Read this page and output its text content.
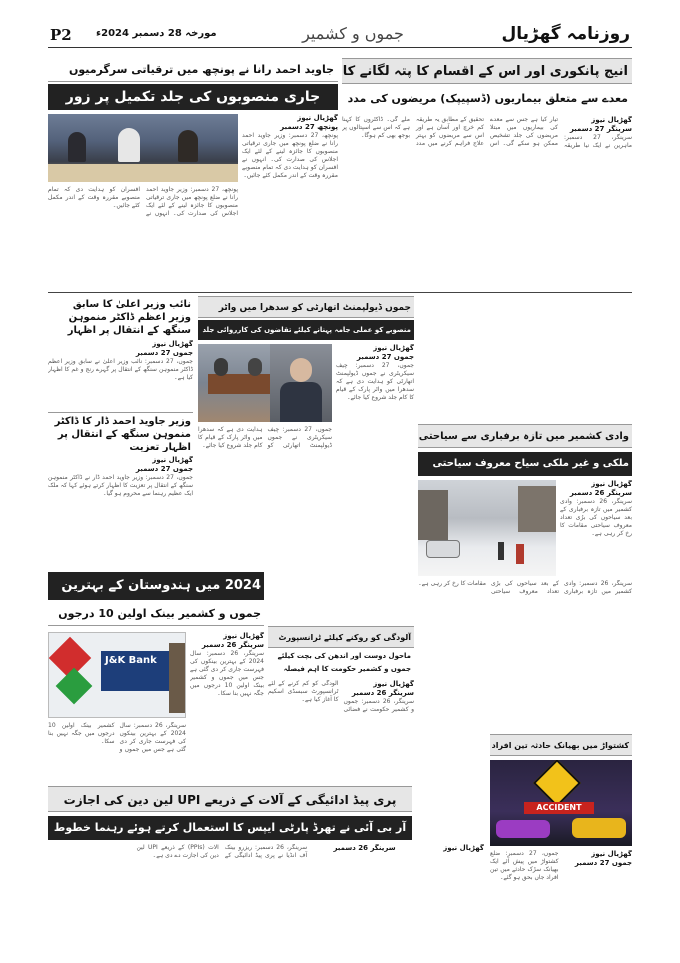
P2 مورخہ 28 دسمبر 2024ء	جموں و کشمیر	روزنامہ گھڑیال
انیج پانکوری اور اس کے اقسام کا پتہ لگانے کا
معدے سے متعلق بیماریوں (ڈسپیپک) مریضوں کی مدد
گھڑیال نیوز
سرینگر 27 دسمبر
سرینگر، 27 دسمبر: ماہرین نے ایک نیا طریقہ تیار کیا ہے جس سے معدے کی بیماریوں میں مبتلا مریضوں کی جلد تشخیص ممکن ہو سکے گی۔ اس تحقیق کے مطابق یہ طریقہ کم خرچ اور آسان ہے اور اس سے مریضوں کو بہتر علاج فراہم کرنے میں مدد ملے گی۔ ڈاکٹروں کا کہنا ہے کہ اس سے اسپتالوں پر بوجھ بھی کم ہوگا۔
جاوید احمد رانا نے پونچھ میں ترقیاتی سرگرمیوں
جاری منصوبوں کی جلد تکمیل پر زور
گھڑیال نیوز
پونچھ 27 دسمبر
پونچھ، 27 دسمبر: وزیر جاوید احمد رانا نے ضلع پونچھ میں جاری ترقیاتی منصوبوں کا جائزہ لینے کے لئے ایک اجلاس کی صدارت کی۔ انہوں نے افسران کو ہدایت دی کہ تمام منصوبے مقررہ وقت کے اندر مکمل کئے جائیں۔
پونچھ، 27 دسمبر: وزیر جاوید احمد رانا نے ضلع پونچھ میں جاری ترقیاتی منصوبوں کا جائزہ لینے کے لئے ایک اجلاس کی صدارت کی۔ انہوں نے افسران کو ہدایت دی کہ تمام منصوبے مقررہ وقت کے اندر مکمل کئے جائیں۔
نائب وزیر اعلیٰ کا سابق وزیر اعظم ڈاکٹر منموہن سنگھ کے انتقال پر اظہار
گھڑیال نیوز
جموں 27 دسمبر
جموں، 27 دسمبر: نائب وزیر اعلیٰ نے سابق وزیر اعظم ڈاکٹر منموہن سنگھ کے انتقال پر گہرے رنج و غم کا اظہار کیا ہے۔
وزیر جاوید احمد ڈار کا ڈاکٹر منموہن سنگھ کے انتقال پر اظہار تعزیت
گھڑیال نیوز
جموں 27 دسمبر
جموں، 27 دسمبر: وزیر جاوید احمد ڈار نے ڈاکٹر منموہن سنگھ کے انتقال پر تعزیت کا اظہار کرتے ہوئے کہا کہ ملک ایک عظیم رہنما سے محروم ہو گیا۔
جموں ڈیولپمنٹ اتھارٹی کو سدھرا میں واٹر
منصوبے کو عملی جامہ پہنانے کیلئے تقاضوں کی کارروائی جلد
گھڑیال نیوز
جموں 27 دسمبر
جموں، 27 دسمبر: چیف سیکریٹری نے جموں ڈیولپمنٹ اتھارٹی کو ہدایت دی ہے کہ سدھرا میں واٹر پارک کے قیام کا کام جلد شروع کیا جائے۔
جموں، 27 دسمبر: چیف سیکریٹری نے جموں ڈیولپمنٹ اتھارٹی کو ہدایت دی ہے کہ سدھرا میں واٹر پارک کے قیام کا کام جلد شروع کیا جائے۔
وادی کشمیر میں تازہ برفباری سے سیاحتی
ملکی و غیر ملکی سیاح معروف سیاحتی
گھڑیال نیوز
سرینگر 26 دسمبر
سرینگر، 26 دسمبر: وادی کشمیر میں تازہ برفباری کے بعد سیاحوں کی بڑی تعداد معروف سیاحتی مقامات کا رخ کر رہی ہے۔
سرینگر، 26 دسمبر: وادی کشمیر میں تازہ برفباری کے بعد سیاحوں کی بڑی تعداد معروف سیاحتی مقامات کا رخ کر رہی ہے۔
2024 میں ہندوستان کے بہترین
جموں و کشمیر بینک اولین 10 درجوں
J&K Bank
گھڑیال نیوز
سرینگر 26 دسمبر
سرینگر، 26 دسمبر: سال 2024 کے بہترین بینکوں کی فہرست جاری کر دی گئی ہے جس میں جموں و کشمیر بینک اولین 10 درجوں میں جگہ نہیں بنا سکا۔
سرینگر، 26 دسمبر: سال 2024 کے بہترین بینکوں کی فہرست جاری کر دی گئی ہے جس میں جموں و کشمیر بینک اولین 10 درجوں میں جگہ نہیں بنا سکا۔
آلودگی کو روکنے کیلئے ٹرانسپورٹ
ماحول دوست اور اندھن کی بچت کیلئے جموں و کشمیر حکومت کا اہم فیصلہ
گھڑیال نیوز
سرینگر 26 دسمبر
سرینگر، 26 دسمبر: جموں و کشمیر حکومت نے فضائی آلودگی کو کم کرنے کے لئے ٹرانسپورٹ سبسڈی اسکیم کا آغاز کیا ہے۔
کشتواڑ میں بھیانک حادثہ تین افراد
ACCIDENT
گھڑیال نیوز
جموں 27 دسمبر
جموں، 27 دسمبر: ضلع کشتواڑ میں پیش آئے ایک بھیانک سڑک حادثے میں تین افراد جاں بحق ہو گئے۔
پری پیڈ ادائیگی کے آلات کے ذریعے UPI لین دین کی اجازت
آر بی آئی نے تھرڈ پارٹی ایپس کا استعمال کرتے ہوئے رہنما خطوط
گھڑیال نیوز
سرینگر 26 دسمبر
سرینگر، 26 دسمبر: ریزرو بینک آف انڈیا نے پری پیڈ ادائیگی کے آلات (PPIs) کے ذریعے UPI لین دین کی اجازت دے دی ہے۔
